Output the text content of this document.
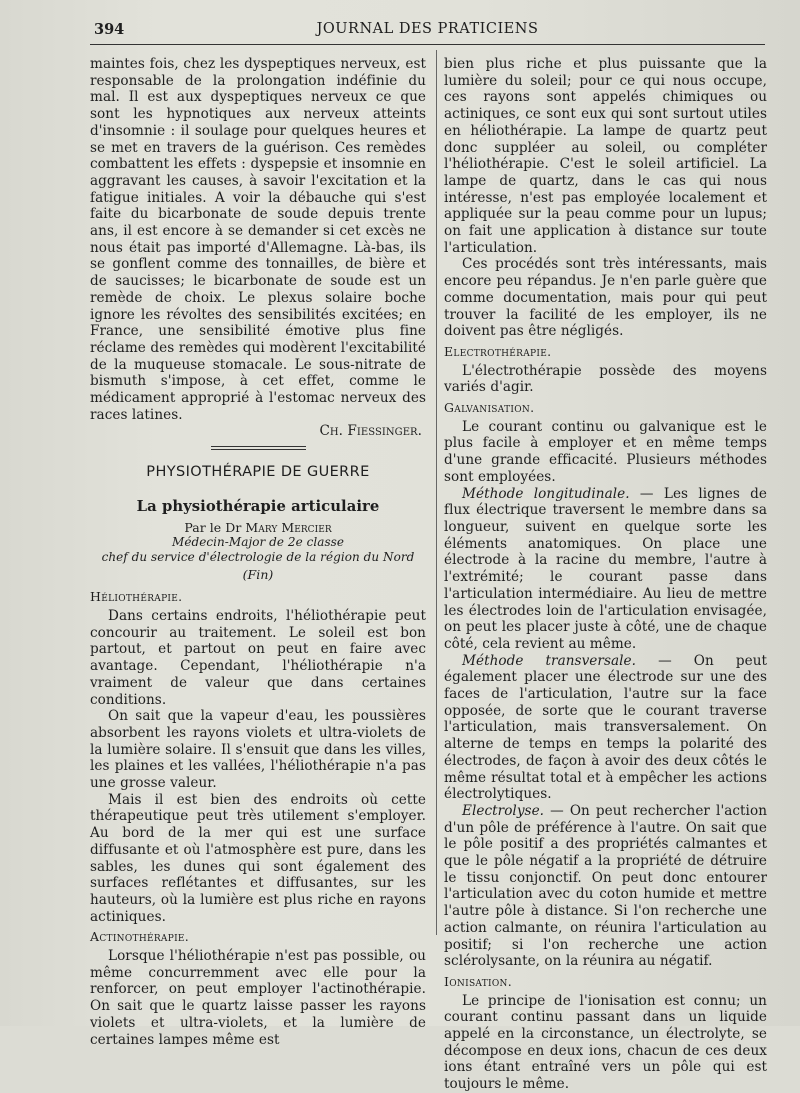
394	JOURNAL DES PRATICIENS

maintes fois, chez les dyspeptiques nerveux, est responsable de la prolongation indéfinie du mal. Il est aux dyspeptiques nerveux ce que sont les hypnotiques aux nerveux atteints d'insomnie : il soulage pour quelques heures et se met en travers de la guérison. Ces remèdes combattent les effets : dyspepsie et insomnie en aggravant les causes, à savoir l'excitation et la fatigue initiales. A voir la débauche qui s'est faite du bicarbonate de soude depuis trente ans, il est encore à se demander si cet excès ne nous était pas importé d'Allemagne. Là-bas, ils se gonflent comme des tonnailles, de bière et de saucisses; le bicarbonate de soude est un remède de choix. Le plexus solaire boche ignore les révoltes des sensibilités excitées; en France, une sensibilité émotive plus fine réclame des remèdes qui modèrent l'excitabilité de la muqueuse stomacale. Le sous-nitrate de bismuth s'impose, à cet effet, comme le médicament approprié à l'estomac nerveux des races latines.

Ch. Fiessinger.
PHYSIOTHÉRAPIE DE GUERRE
La physiothérapie articulaire
Par le Dr Mary Mercier
Médecin-Major de 2e classe
chef du service d'électrologie de la région du Nord
(Fin)
Héliothérapie.

Dans certains endroits, l'héliothérapie peut concourir au traitement. Le soleil est bon partout, et partout on peut en faire avec avantage. Cependant, l'héliothérapie n'a vraiment de valeur que dans certaines conditions.

On sait que la vapeur d'eau, les poussières absorbent les rayons violets et ultra-violets de la lumière solaire. Il s'ensuit que dans les villes, les plaines et les vallées, l'héliothérapie n'a pas une grosse valeur.

Mais il est bien des endroits où cette thérapeutique peut très utilement s'employer. Au bord de la mer qui est une surface diffusante et où l'atmosphère est pure, dans les sables, les dunes qui sont également des surfaces reflétantes et diffusantes, sur les hauteurs, où la lumière est plus riche en rayons actiniques.

Actinothérapie.

Lorsque l'héliothérapie n'est pas possible, ou même concurremment avec elle pour la renforcer, on peut employer l'actinothérapie. On sait que le quartz laisse passer les rayons violets et ultra-violets, et la lumière de certaines lampes même est

bien plus riche et plus puissante que la lumière du soleil; pour ce qui nous occupe, ces rayons sont appelés chimiques ou actiniques, ce sont eux qui sont surtout utiles en héliothérapie. La lampe de quartz peut donc suppléer au soleil, ou compléter l'héliothérapie. C'est le soleil artificiel. La lampe de quartz, dans le cas qui nous intéresse, n'est pas employée localement et appliquée sur la peau comme pour un lupus; on fait une application à distance sur toute l'articulation.

Ces procédés sont très intéressants, mais encore peu répandus. Je n'en parle guère que comme documentation, mais pour qui peut trouver la facilité de les employer, ils ne doivent pas être négligés.

Electrothérapie.

L'électrothérapie possède des moyens variés d'agir.

Galvanisation.

Le courant continu ou galvanique est le plus facile à employer et en même temps d'une grande efficacité. Plusieurs méthodes sont employées.

Méthode longitudinale. — Les lignes de flux électrique traversent le membre dans sa longueur, suivent en quelque sorte les éléments anatomiques. On place une électrode à la racine du membre, l'autre à l'extrémité; le courant passe dans l'articulation intermédiaire. Au lieu de mettre les électrodes loin de l'articulation envisagée, on peut les placer juste à côté, une de chaque côté, cela revient au même.

Méthode transversale. — On peut également placer une électrode sur une des faces de l'articulation, l'autre sur la face opposée, de sorte que le courant traverse l'articulation, mais transversalement. On alterne de temps en temps la polarité des électrodes, de façon à avoir des deux côtés le même résultat total et à empêcher les actions électrolytiques.

Electrolyse. — On peut rechercher l'action d'un pôle de préférence à l'autre. On sait que le pôle positif a des propriétés calmantes et que le pôle négatif a la propriété de détruire le tissu conjonctif. On peut donc entourer l'articulation avec du coton humide et mettre l'autre pôle à distance. Si l'on recherche une action calmante, on réunira l'articulation au positif; si l'on recherche une action sclérolysante, on la réunira au négatif.

Ionisation.

Le principe de l'ionisation est connu; un courant continu passant dans un liquide appelé en la circonstance, un électrolyte, se décompose en deux ions, chacun de ces deux ions étant entraîné vers un pôle qui est toujours le même.
